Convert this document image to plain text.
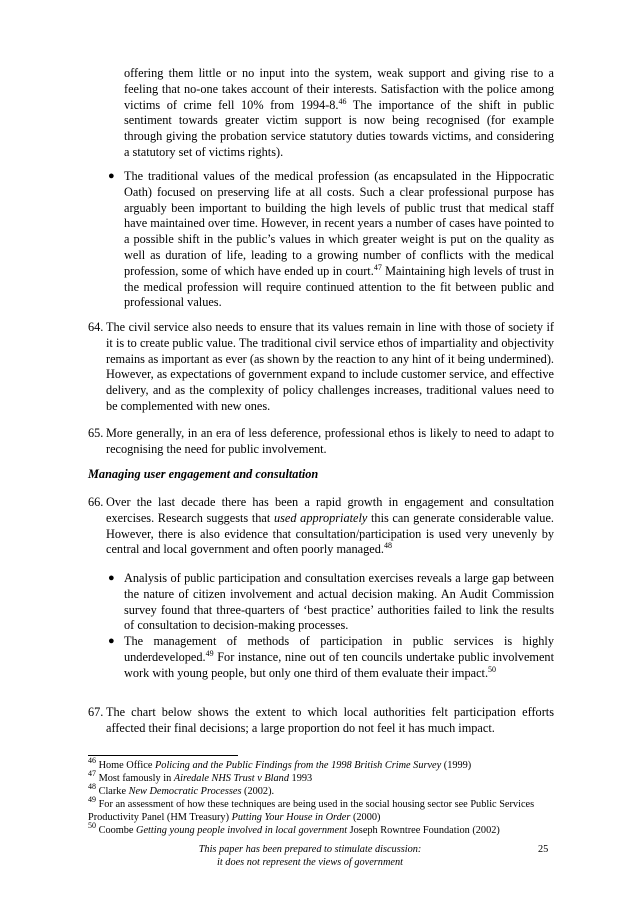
offering them little or no input into the system, weak support and giving rise to a feeling that no-one takes account of their interests. Satisfaction with the police among victims of crime fell 10% from 1994-8.46 The importance of the shift in public sentiment towards greater victim support is now being recognised (for example through giving the probation service statutory duties towards victims, and considering a statutory set of victims rights).
● The traditional values of the medical profession (as encapsulated in the Hippocratic Oath) focused on preserving life at all costs. Such a clear professional purpose has arguably been important to building the high levels of public trust that medical staff have maintained over time. However, in recent years a number of cases have pointed to a possible shift in the public’s values in which greater weight is put on the quality as well as duration of life, leading to a growing number of conflicts with the medical profession, some of which have ended up in court.$^{47}$ Maintaining high levels of trust in the medical profession will require continued attention to the fit between public and professional values.
64. The civil service also needs to ensure that its values remain in line with those of society if it is to create public value. The traditional civil service ethos of impartiality and objectivity remains as important as ever (as shown by the reaction to any hint of it being undermined). However, as expectations of government expand to include customer service, and effective delivery, and as the complexity of policy challenges increases, traditional values need to be complemented with new ones.
65. More generally, in an era of less deference, professional ethos is likely to need to adapt to recognising the need for public involvement.
Managing user engagement and consultation
66. Over the last decade there has been a rapid growth in engagement and consultation exercises. Research suggests that used appropriately this can generate considerable value. However, there is also evidence that consultation/participation is used very unevenly by central and local government and often poorly managed.$^{48}$
● Analysis of public participation and consultation exercises reveals a large gap between the nature of citizen involvement and actual decision making. An Audit Commission survey found that three-quarters of ‘best practice’ authorities failed to link the results of consultation to decision-making processes.
● The management of methods of participation in public services is highly underdeveloped.$^{49}$ For instance, nine out of ten councils undertake public involvement work with young people, but only one third of them evaluate their impact.$^{50}$
67. The chart below shows the extent to which local authorities felt participation efforts affected their final decisions; a large proportion do not feel it has much impact.
$^{46}$ Home Office Policing and the Public Findings from the 1998 British Crime Survey (1999)
$^{47}$ Most famously in Airedale NHS Trust v Bland 1993
$^{48}$ Clarke New Democratic Processes (2002).
$^{49}$ For an assessment of how these techniques are being used in the social housing sector see Public Services Productivity Panel (HM Treasury) Putting Your House in Order (2000)
$^{50}$ Coombe Getting young people involved in local government Joseph Rowntree Foundation (2002)
This paper has been prepared to stimulate discussion:
it does not represent the views of government
25
